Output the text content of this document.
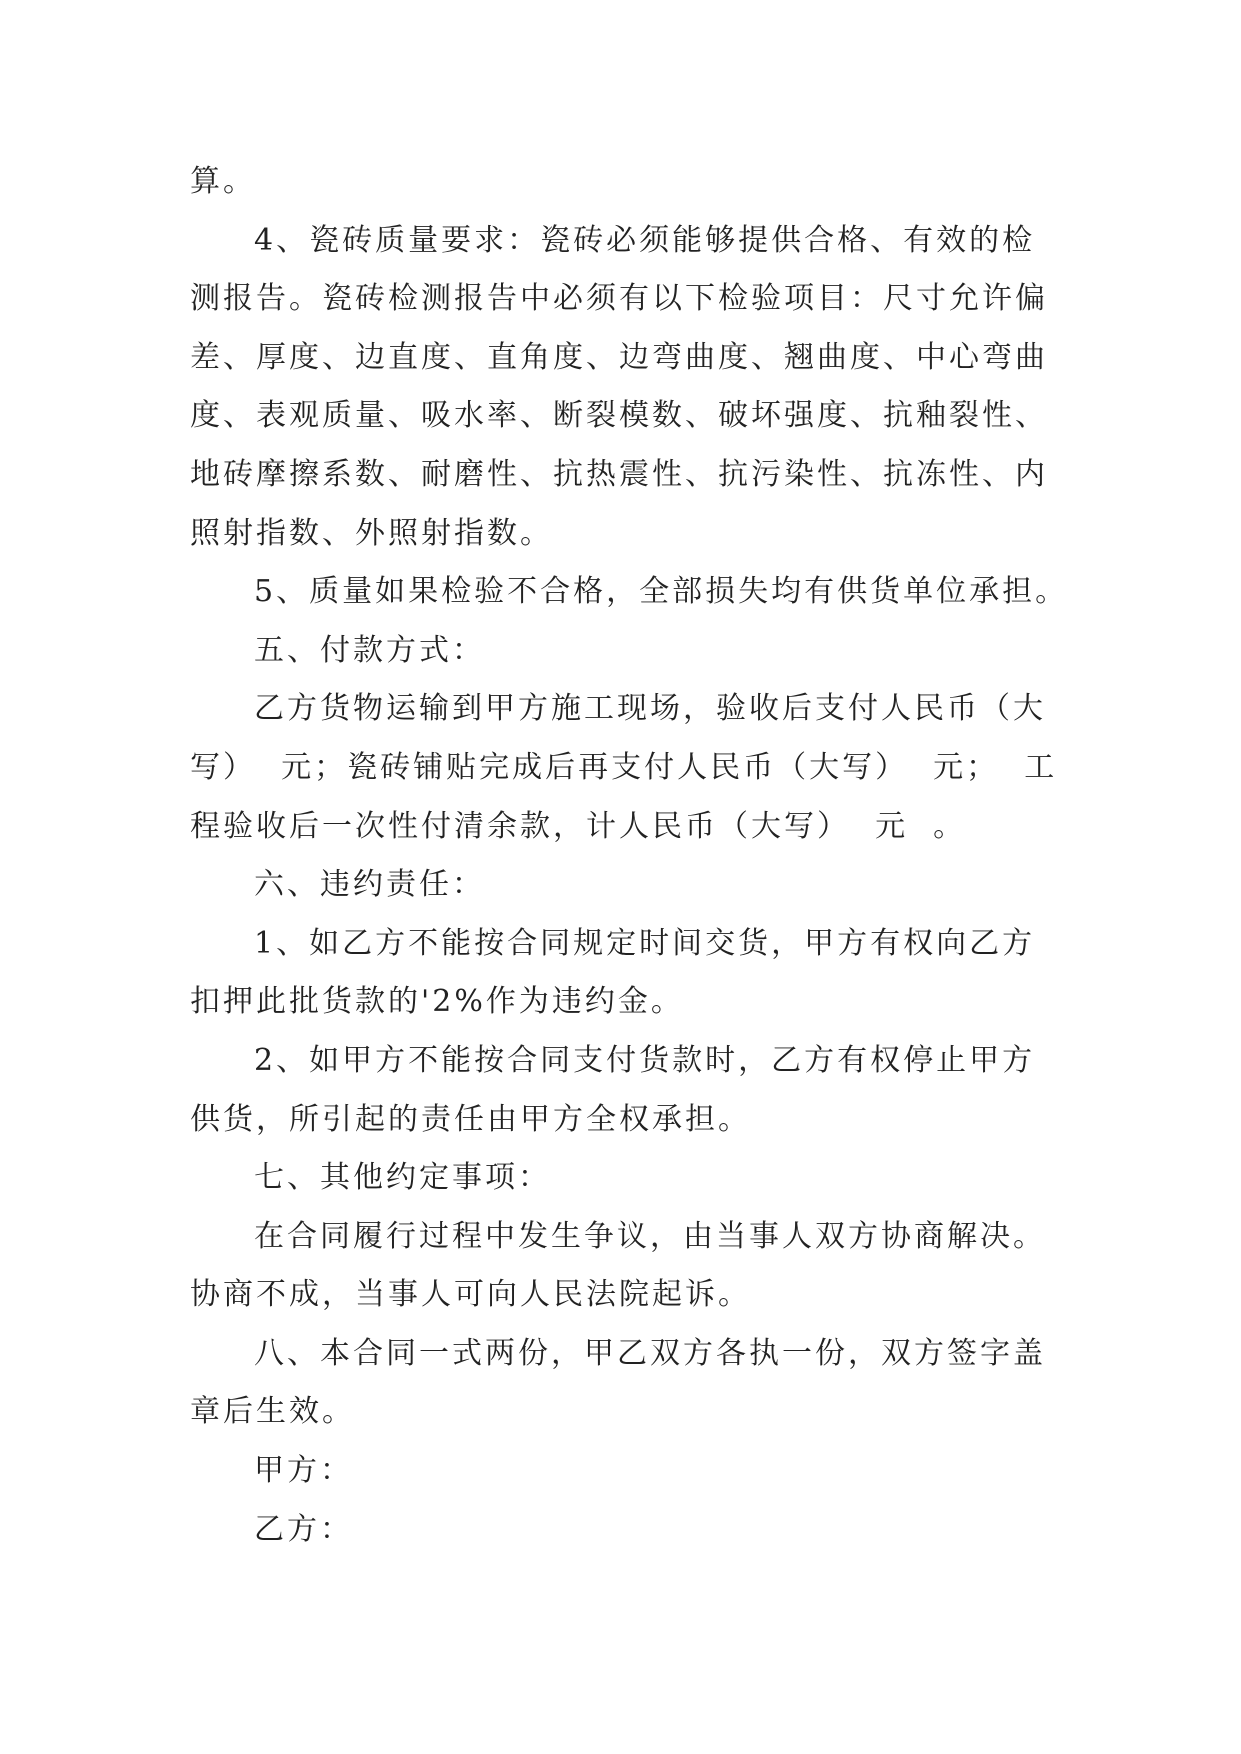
算。

4、瓷砖质量要求：瓷砖必须能够提供合格、有效的检

测报告。瓷砖检测报告中必须有以下检验项目：尺寸允许偏

差、厚度、边直度、直角度、边弯曲度、翘曲度、中心弯曲

度、表观质量、吸水率、断裂模数、破坏强度、抗釉裂性、

地砖摩擦系数、耐磨性、抗热震性、抗污染性、抗冻性、内

照射指数、外照射指数。

5、质量如果检验不合格，全部损失均有供货单位承担。

五、付款方式：

乙方货物运输到甲方施工现场，验收后支付人民币（大

写）  元；瓷砖铺贴完成后再支付人民币（大写）  元；  工

程验收后一次性付清余款，计人民币（大写）  元  。

六、违约责任：

1、如乙方不能按合同规定时间交货，甲方有权向乙方

扣押此批货款的'2%作为违约金。

2、如甲方不能按合同支付货款时，乙方有权停止甲方

供货，所引起的责任由甲方全权承担。

七、其他约定事项：

在合同履行过程中发生争议，由当事人双方协商解决。

协商不成，当事人可向人民法院起诉。

八、本合同一式两份，甲乙双方各执一份，双方签字盖

章后生效。

甲方：

乙方：
